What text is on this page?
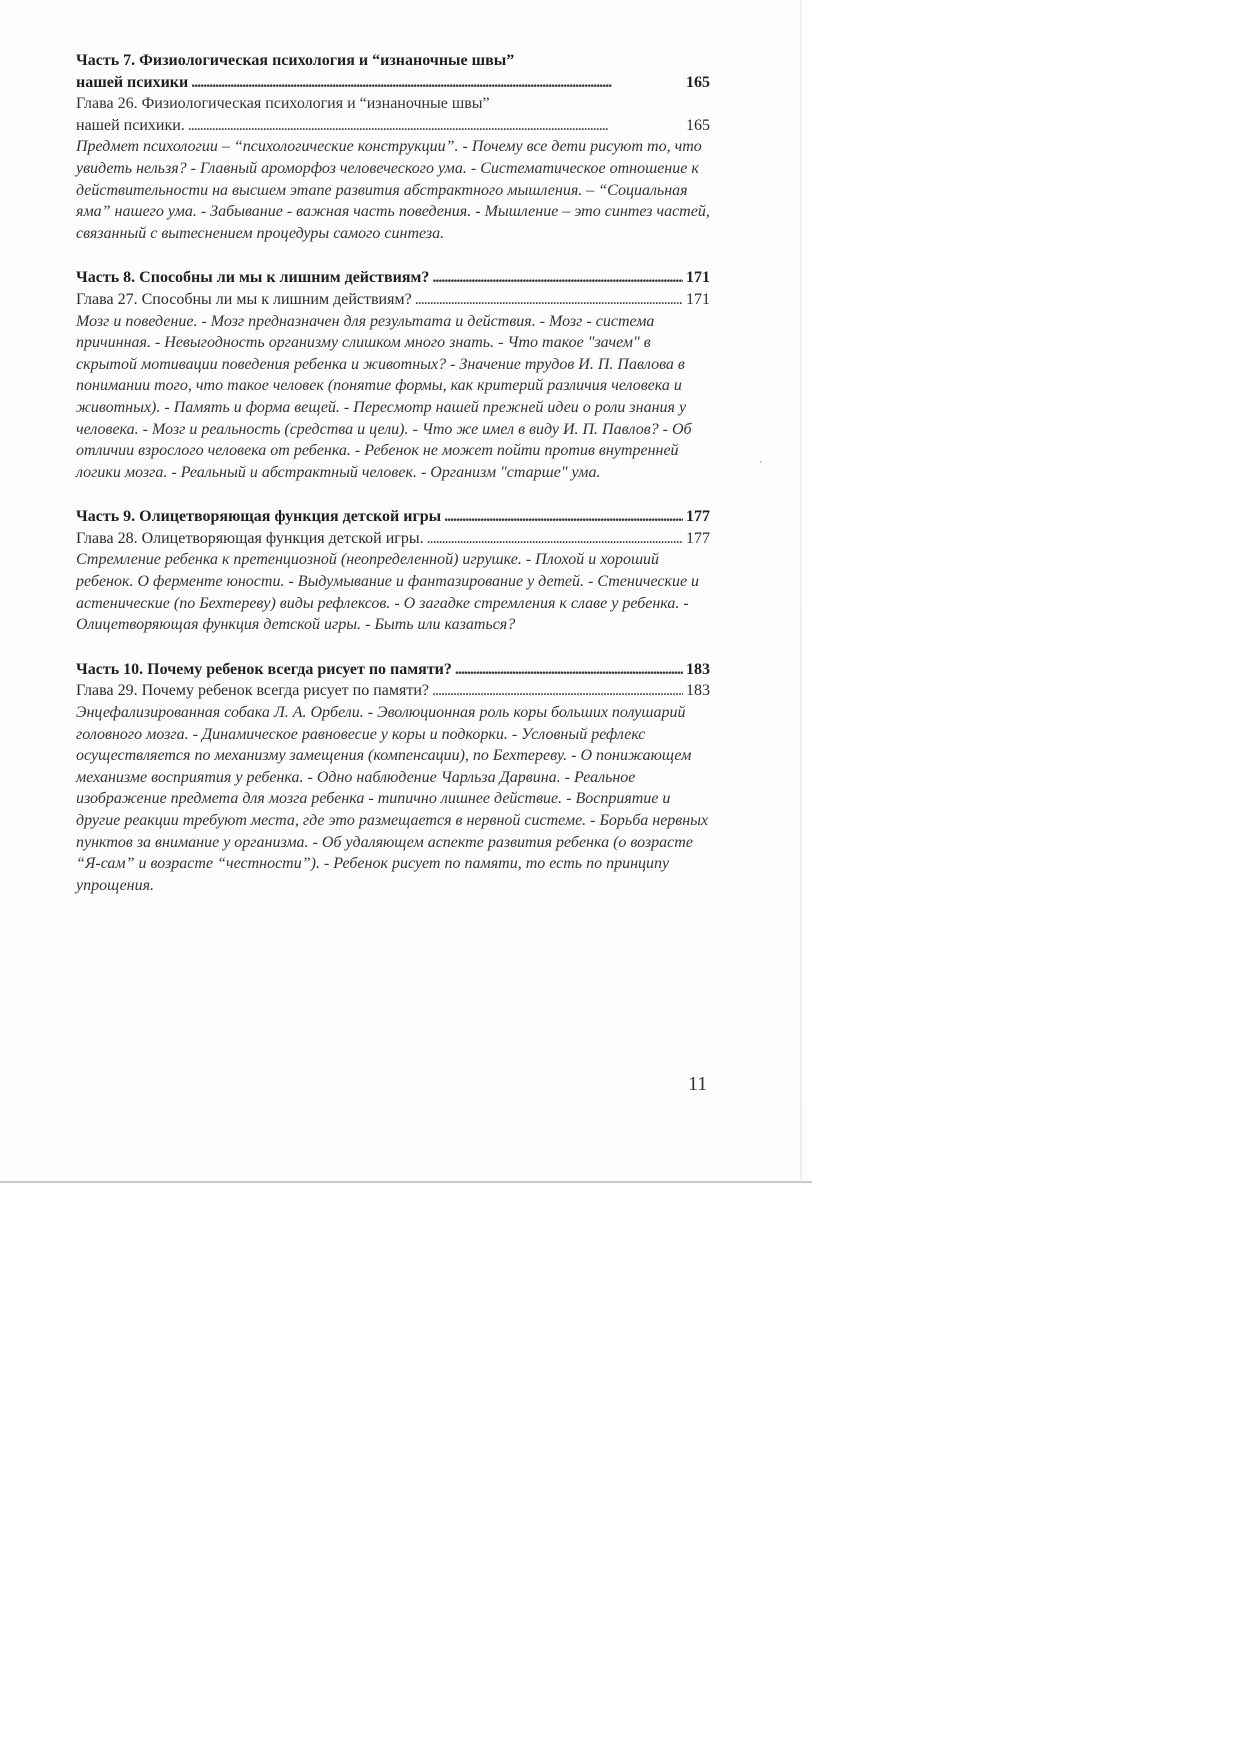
Часть 7. Физиологическая психология и “изнаночные швы”
нашей психики . . .	165
Глава 26. Физиологическая психология и “изнаночные швы”
нашей психики. . . .	165
Предмет психологии – “психологические конструкции”. - Почему все дети рисуют то, что увидеть нельзя? - Главный ароморфоз человеческого ума. - Систематическое отношение к действительности на высшем этапе развития абстрактного мышления. – “Социальная яма” нашего ума. - Забывание - важная часть поведения. - Мышление – это синтез частей, связанный с вытеснением процедуры самого синтеза.
Часть 8. Способны ли мы к лишним действиям? . . .	171
Глава 27. Способны ли мы к лишним действиям? . . .	171
Мозг и поведение. - Мозг предназначен для результата и действия. - Мозг - система причинная. - Невыгодность организму слишком много знать. - Что такое "зачем" в скрытой мотивации поведения ребенка и животных? - Значение трудов И. П. Павлова в понимании того, что такое человек (понятие формы, как критерий различия человека и животных). - Память и форма вещей. - Пересмотр нашей прежней идеи о роли знания у человека. - Мозг и реальность (средства и цели). - Что же имел в виду И. П. Павлов? - Об отличии взрослого человека от ребенка. - Ребенок не может пойти против внутренней логики мозга. - Реальный и абстрактный человек. - Организм "старше" ума.
Часть 9. Олицетворяющая функция детской игры . . .	177
Глава 28. Олицетворяющая функция детской игры. . . .	177
Стремление ребенка к претенциозной (неопределенной) игрушке. - Плохой и хороший ребенок. О ферменте юности. - Выдумывание и фантазирование у детей. - Стенические и астенические (по Бехтереву) виды рефлексов. - О загадке стремления к славе у ребенка. - Олицетворяющая функция детской игры. - Быть или казаться?
Часть 10. Почему ребенок всегда рисует по памяти? . . .	183
Глава 29. Почему ребенок всегда рисует по памяти? . . .	183
Энцефализированная собака Л. А. Орбели. - Эволюционная роль коры больших полушарий головного мозга. - Динамическое равновесие у коры и подкорки. - Условный рефлекс осуществляется по механизму замещения (компенсации), по Бехтереву. - О понижающем механизме восприятия у ребенка. - Одно наблюдение Чарльза Дарвина. - Реальное изображение предмета для мозга ребенка - типично лишнее действие. - Восприятие и другие реакции требуют места, где это размещается в нервной системе. - Борьба нервных пунктов за внимание у организма. - Об удаляющем аспекте развития ребенка (о возрасте “Я-сам” и возрасте “честности”). - Ребенок рисует по памяти, то есть по принципу упрощения.
11
